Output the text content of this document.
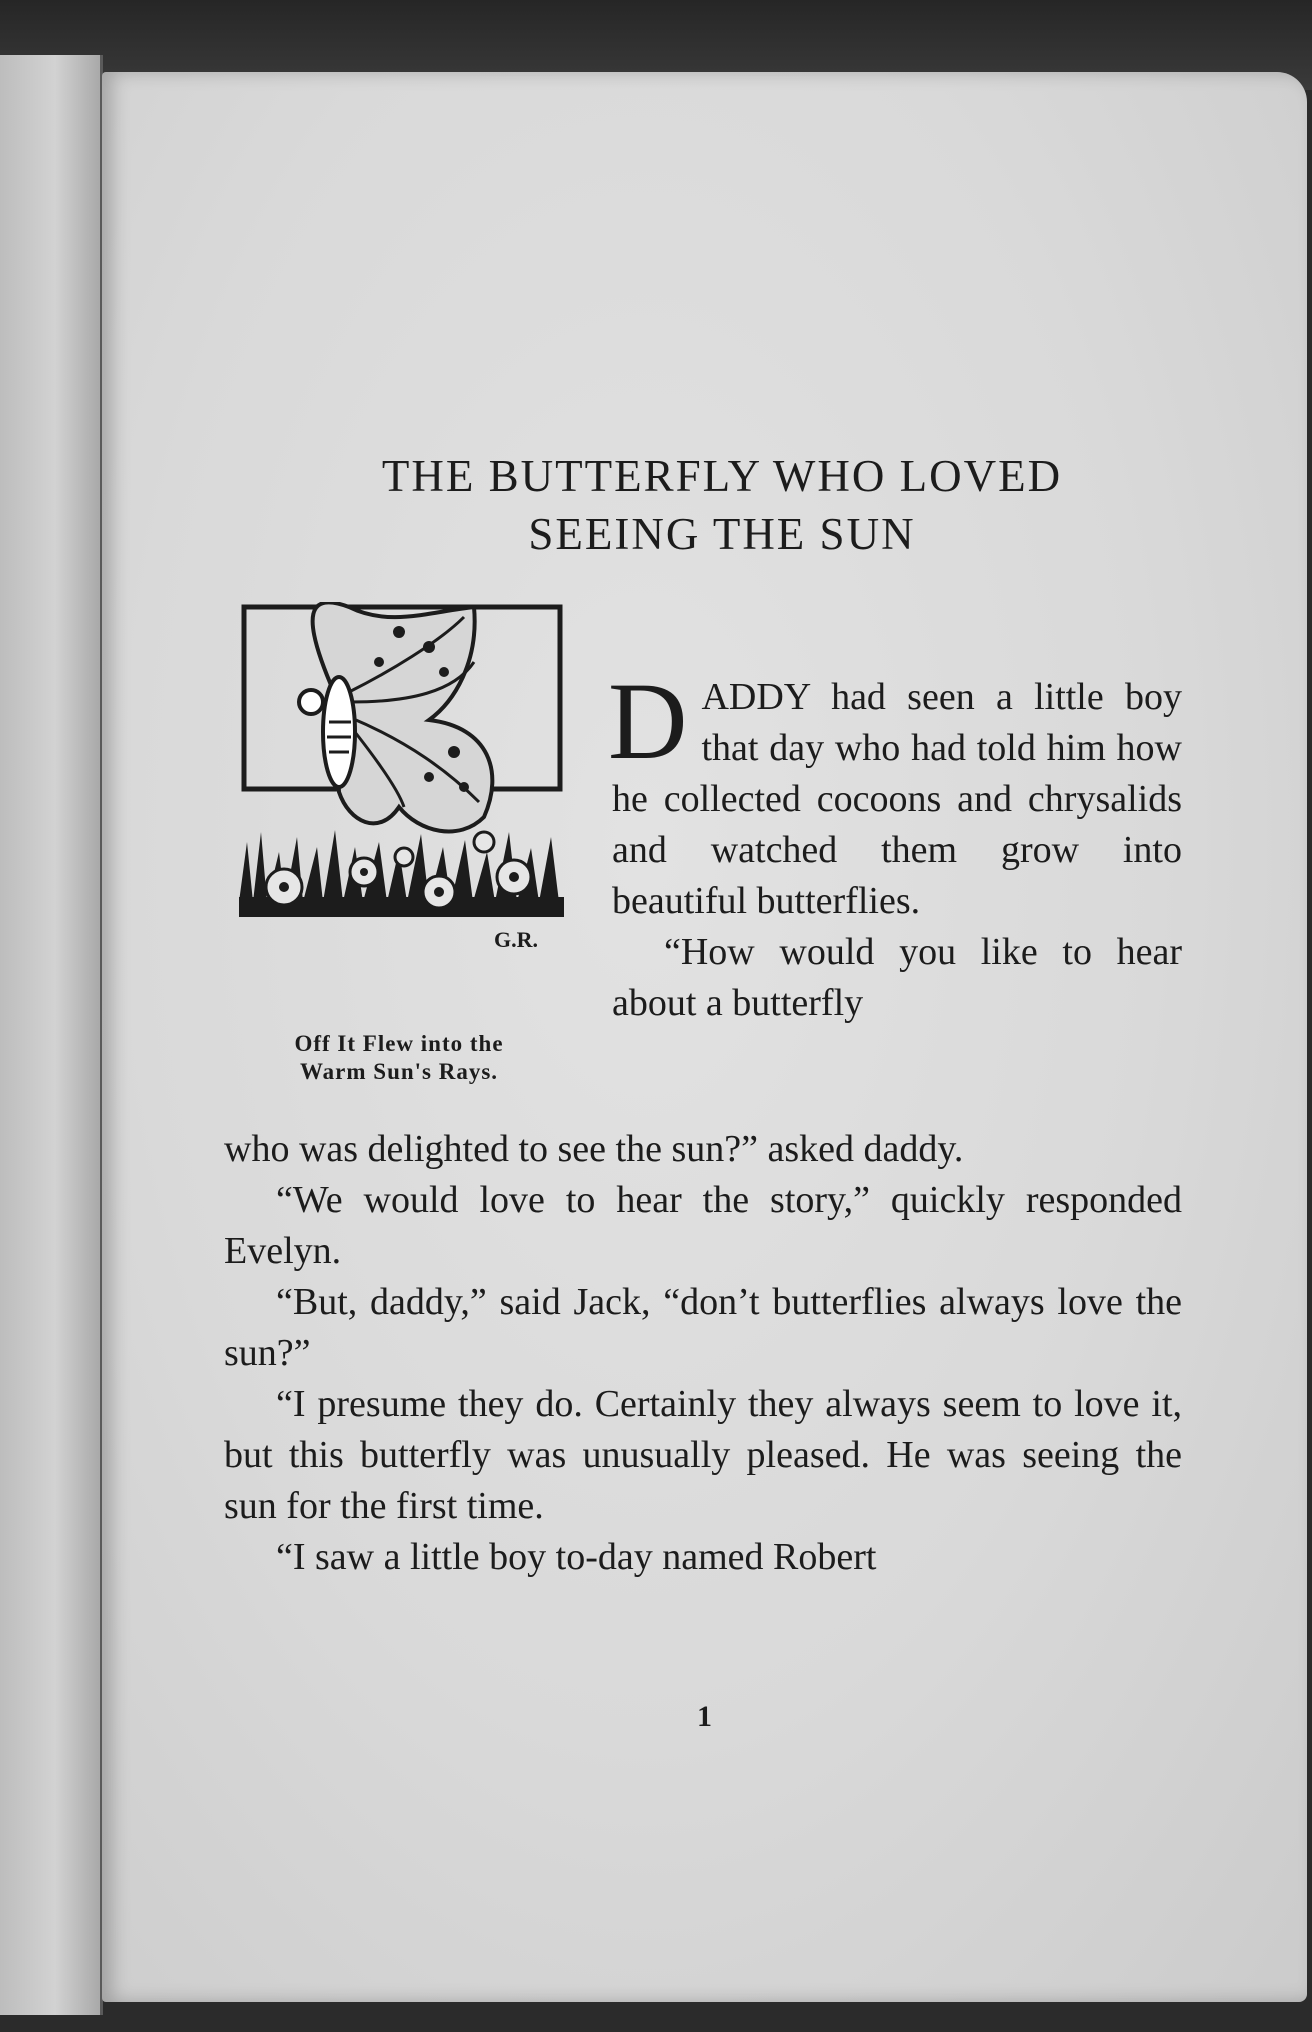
THE BUTTERFLY WHO LOVED
SEEING THE SUN
G.R.
Off It Flew into the
Warm Sun's Rays.

DADDY had seen a little boy that day who had told him how he collected cocoons and chrysalids and watched them grow into beautiful butterflies.

“How would you like to hear about a butterfly

who was delighted to see the sun?” asked daddy.

“We would love to hear the story,” quickly responded Evelyn.

“But, daddy,” said Jack, “don’t butterflies always love the sun?”

“I presume they do. Certainly they always seem to love it, but this butterfly was unusually pleased. He was seeing the sun for the first time.

“I saw a little boy to-day named Robert

1
